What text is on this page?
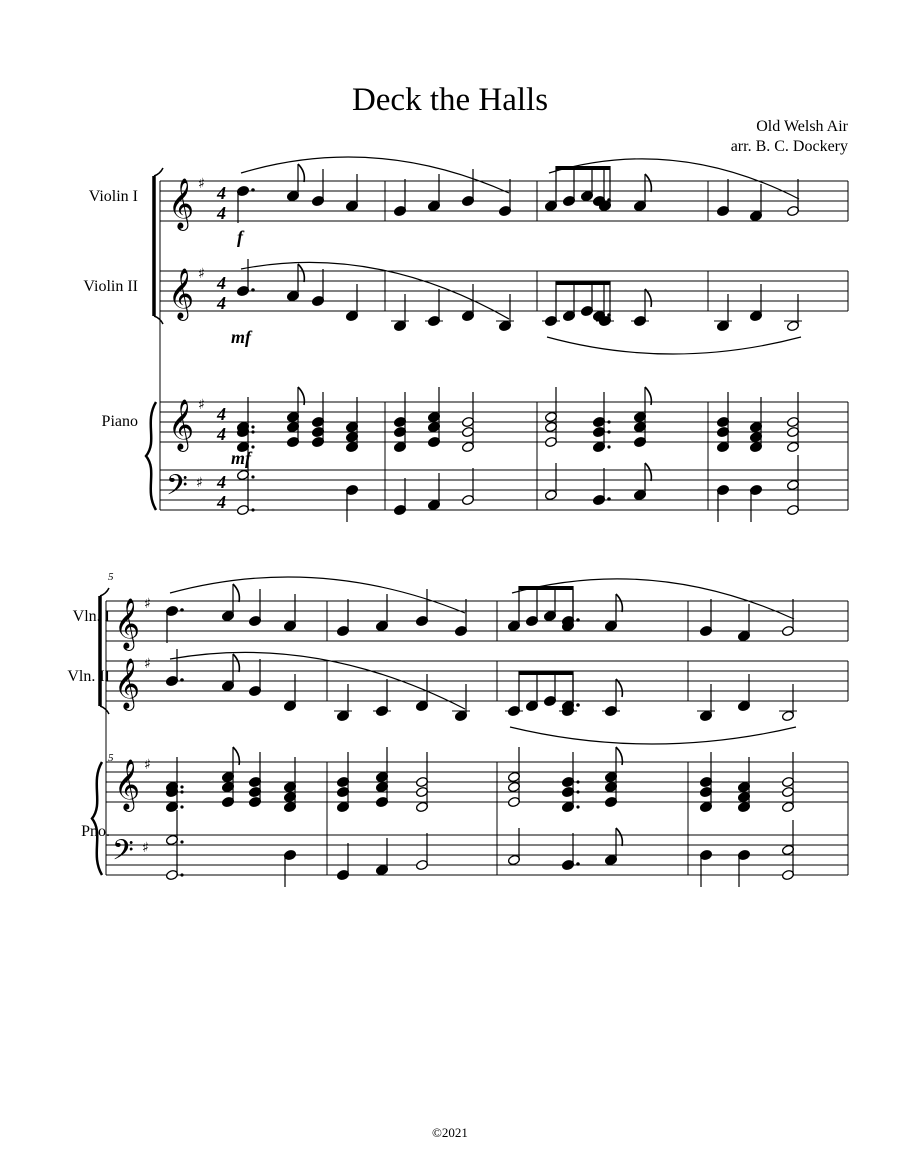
Deck the Halls
Old Welsh Air
arr. B. C. Dockery
Violin I
Violin II
Piano
Vln. I
Vln. II
Pno.
5
5
©2021
𝄞 ♯
𝄞 ♯
𝄞 ♯
𝄢 ♯
4
4
4
4
4
4
4
4
f
mf
mf
𝄞 ♯
𝄞 ♯
𝄞 ♯
𝄢 ♯
